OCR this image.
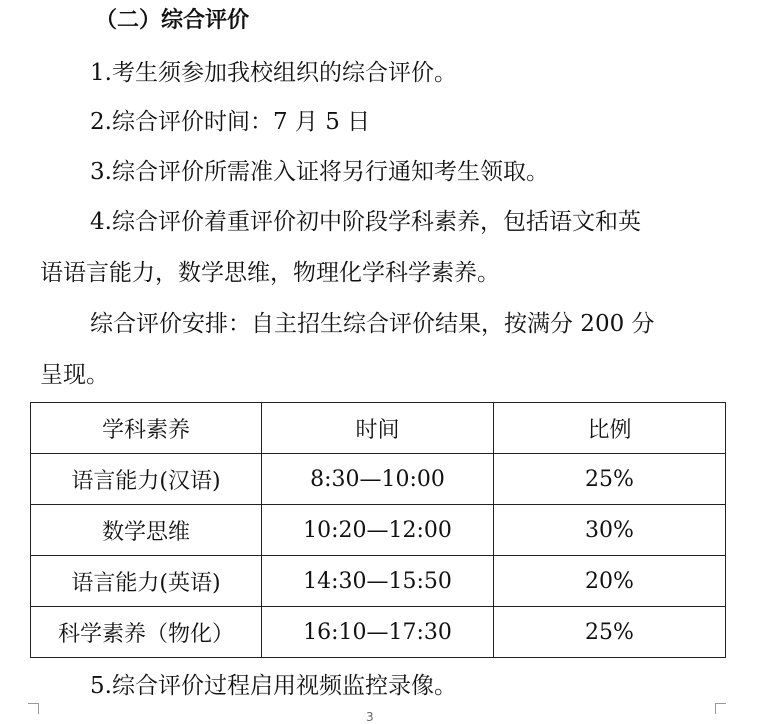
（二）综合评价
1.考生须参加我校组织的综合评价。
2.综合评价时间：7 月 5 日
3.综合评价所需准入证将另行通知考生领取。
4.综合评价着重评价初中阶段学科素养，包括语文和英
语语言能力，数学思维，物理化学科学素养。
综合评价安排：自主招生综合评价结果，按满分 200 分
呈现。
学科素养	时间	比例
语言能力(汉语)	8:30—10:00	25%
数学思维	10:20—12:00	30%
语言能力(英语)	14:30—15:50	20%
科学素养（物化）	16:10—17:30	25%
5.综合评价过程启用视频监控录像。
3
